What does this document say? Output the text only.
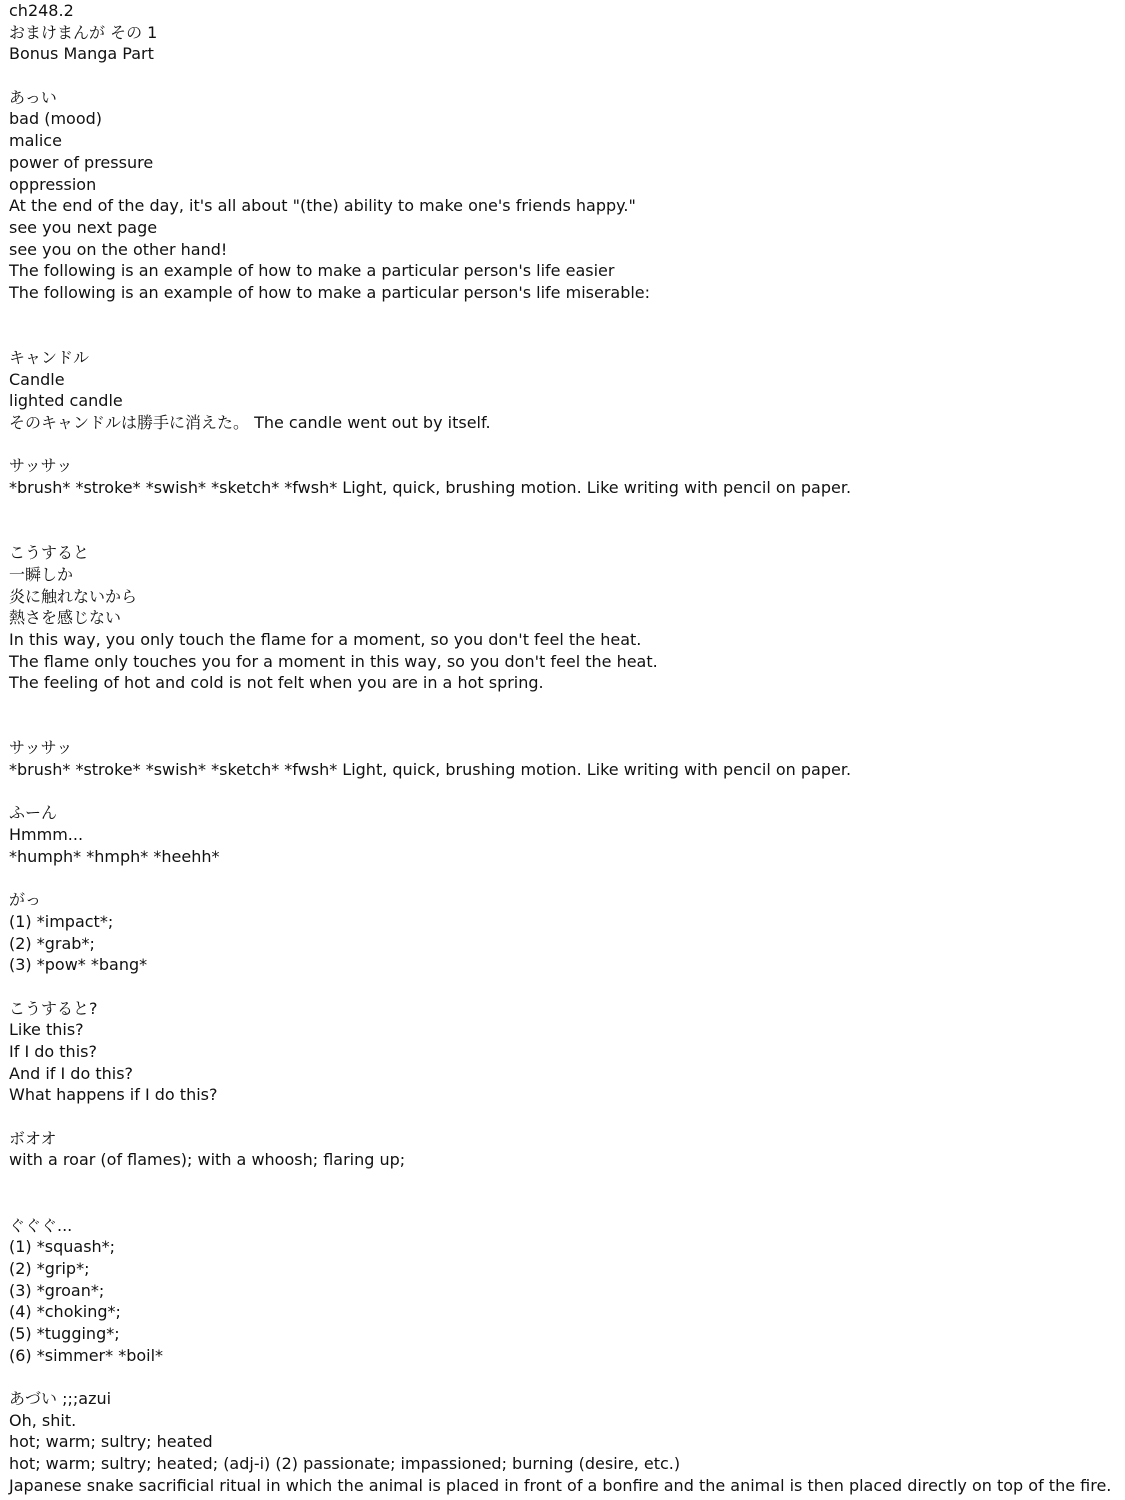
ch248.2
おまけまんが その 1
Bonus Manga Part
あっい
bad (mood)
malice
power of pressure
oppression
At the end of the day, it's all about "(the) ability to make one's friends happy."
see you next page
see you on the other hand!
The following is an example of how to make a particular person's life easier
The following is an example of how to make a particular person's life miserable:
キャンドル
Candle
lighted candle
そのキャンドルは勝手に消えた。 The candle went out by itself.
サッサッ
*brush* *stroke* *swish* *sketch* *fwsh* Light, quick, brushing motion. Like writing with pencil on paper.
こうすると
一瞬しか
炎に触れないから
熱さを感じない
In this way, you only touch the flame for a moment, so you don't feel the heat.
The flame only touches you for a moment in this way, so you don't feel the heat.
The feeling of hot and cold is not felt when you are in a hot spring.
サッサッ
*brush* *stroke* *swish* *sketch* *fwsh* Light, quick, brushing motion. Like writing with pencil on paper.
ふーん
Hmmm...
*humph* *hmph* *heehh*
がっ
(1) *impact*;
(2) *grab*;
(3) *pow* *bang*
こうすると?
Like this?
If I do this?
And if I do this?
What happens if I do this?
ボオオ
with a roar (of flames); with a whoosh; flaring up;
ぐぐぐ...
(1) *squash*;
(2) *grip*;
(3) *groan*;
(4) *choking*;
(5) *tugging*;
(6) *simmer* *boil*
あづい ;;;azui
Oh, shit.
hot; warm; sultry; heated
hot; warm; sultry; heated; (adj-i) (2) passionate; impassioned; burning (desire, etc.)
Japanese snake sacrificial ritual in which the animal is placed in front of a bonfire and the animal is then placed directly on top of the fire.
